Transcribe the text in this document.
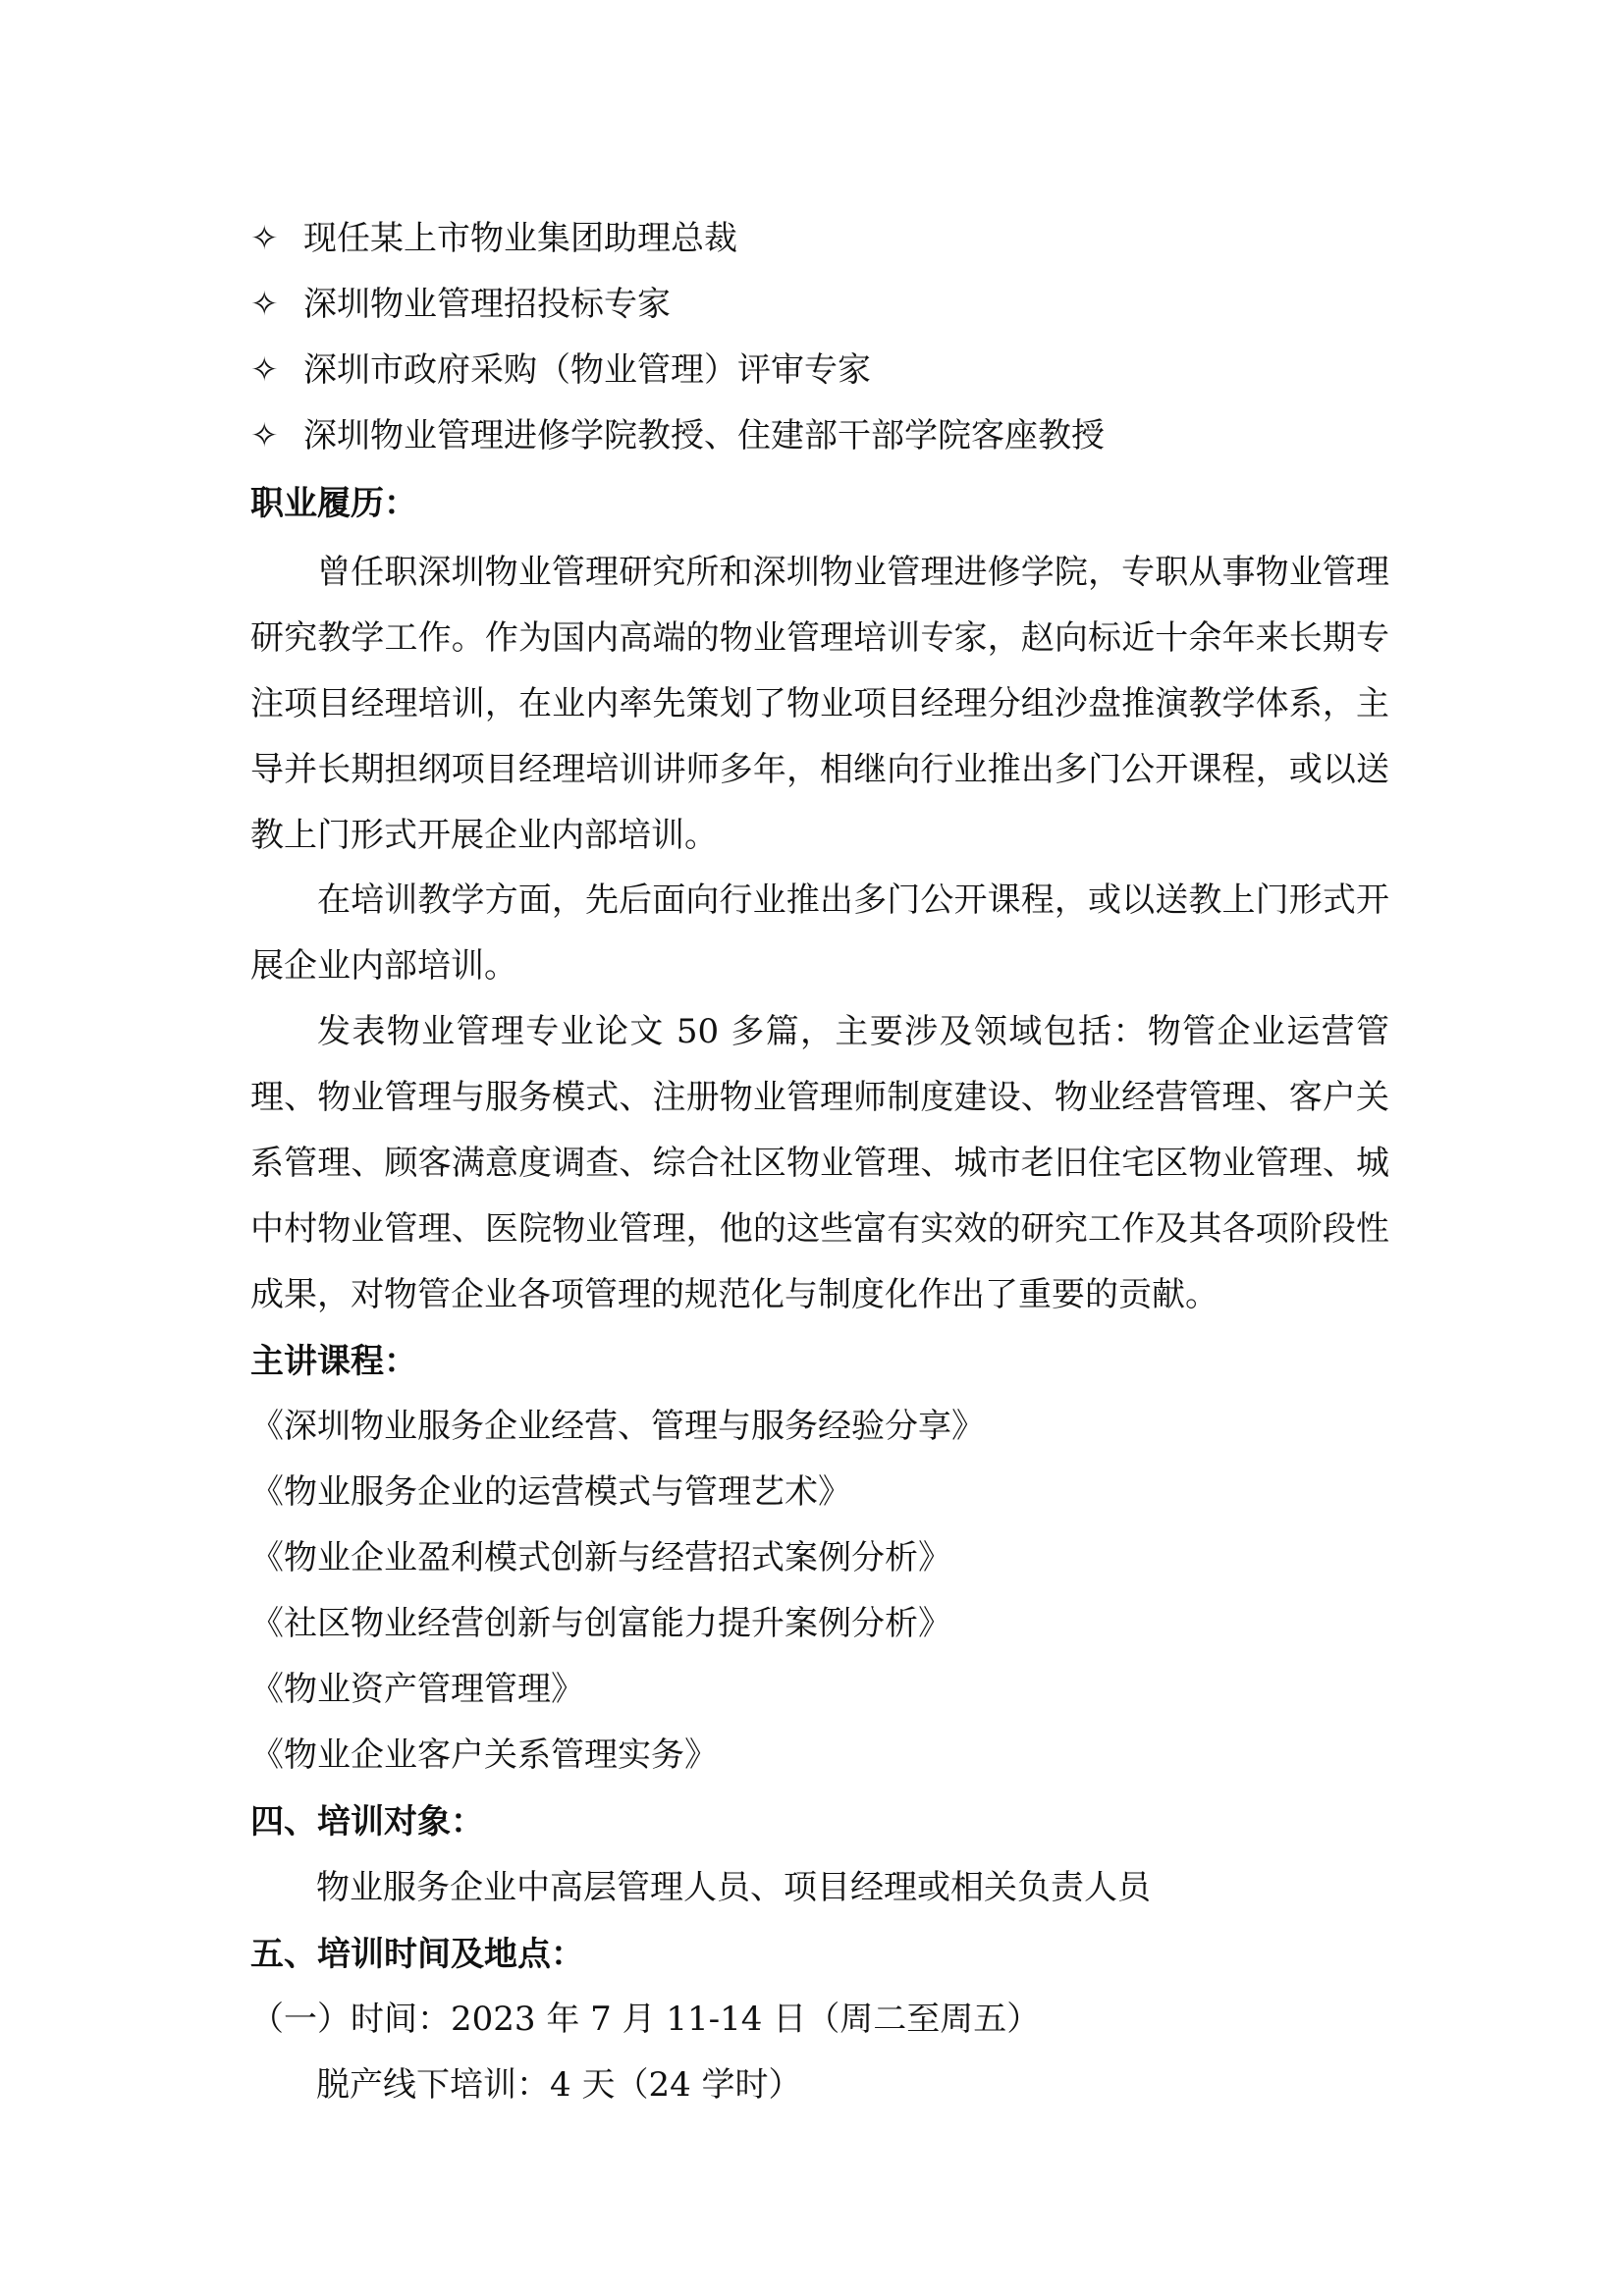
✧ 现任某上市物业集团助理总裁
✧ 深圳物业管理招投标专家
✧ 深圳市政府采购（物业管理）评审专家
✧ 深圳物业管理进修学院教授、住建部干部学院客座教授
职业履历：
曾任职深圳物业管理研究所和深圳物业管理进修学院，专职从事物业管理研究教学工作。作为国内高端的物业管理培训专家，赵向标近十余年来长期专注项目经理培训，在业内率先策划了物业项目经理分组沙盘推演教学体系，主导并长期担纲项目经理培训讲师多年，相继向行业推出多门公开课程，或以送教上门形式开展企业内部培训。
在培训教学方面，先后面向行业推出多门公开课程，或以送教上门形式开展企业内部培训。
发表物业管理专业论文 50 多篇，主要涉及领域包括：物管企业运营管理、物业管理与服务模式、注册物业管理师制度建设、物业经营管理、客户关系管理、顾客满意度调查、综合社区物业管理、城市老旧住宅区物业管理、城中村物业管理、医院物业管理，他的这些富有实效的研究工作及其各项阶段性成果，对物管企业各项管理的规范化与制度化作出了重要的贡献。
主讲课程：
《深圳物业服务企业经营、管理与服务经验分享》
《物业服务企业的运营模式与管理艺术》
《物业企业盈利模式创新与经营招式案例分析》
《社区物业经营创新与创富能力提升案例分析》
《物业资产管理管理》
《物业企业客户关系管理实务》
四、培训对象：
物业服务企业中高层管理人员、项目经理或相关负责人员
五、培训时间及地点：
（一）时间：2023 年 7 月 11-14 日（周二至周五）
脱产线下培训：4 天（24 学时）
